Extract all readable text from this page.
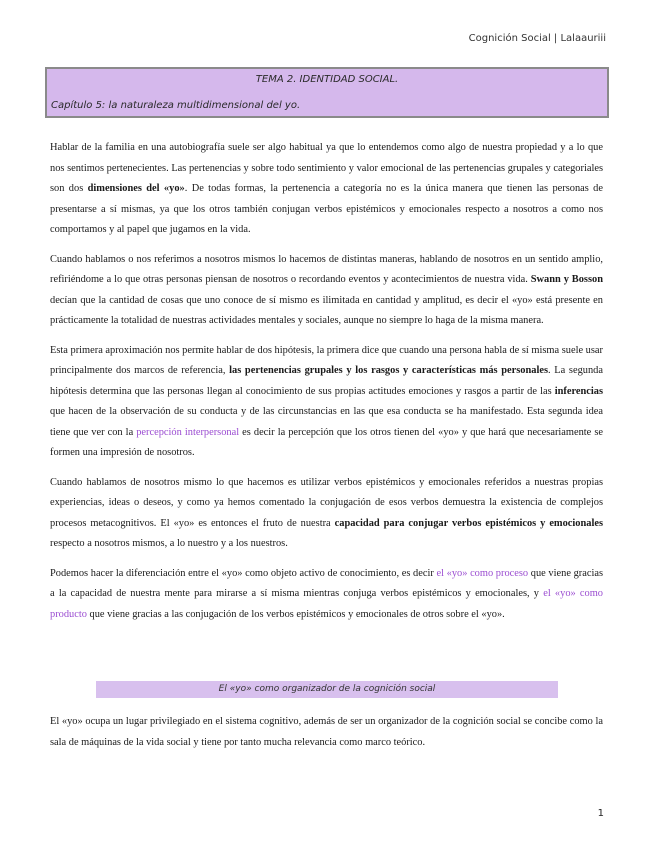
Cognición Social | Lalaauriii
TEMA 2. IDENTIDAD SOCIAL.
Capítulo 5: la naturaleza multidimensional del yo.

Hablar de la familia en una autobiografía suele ser algo habitual ya que lo entendemos como algo de nuestra propiedad y a lo que nos sentimos pertenecientes. Las pertenencias y sobre todo sentimiento y valor emocional de las pertenencias grupales y categoriales son dos dimensiones del «yo». De todas formas, la pertenencia a categoría no es la única manera que tienen las personas de presentarse a sí mismas, ya que los otros también conjugan verbos epistémicos y emocionales respecto a nosotros a como nos comportamos y al papel que jugamos en la vida.

Cuando hablamos o nos referimos a nosotros mismos lo hacemos de distintas maneras, hablando de nosotros en un sentido amplio, refiriéndome a lo que otras personas piensan de nosotros o recordando eventos y acontecimientos de nuestra vida. Swann y Bosson decían que la cantidad de cosas que uno conoce de sí mismo es ilimitada en cantidad y amplitud, es decir el «yo» está presente en prácticamente la totalidad de nuestras actividades mentales y sociales, aunque no siempre lo haga de la misma manera.

Esta primera aproximación nos permite hablar de dos hipótesis, la primera dice que cuando una persona habla de sí misma suele usar principalmente dos marcos de referencia, las pertenencias grupales y los rasgos y características más personales. La segunda hipótesis determina que las personas llegan al conocimiento de sus propias actitudes emociones y rasgos a partir de las inferencias que hacen de la observación de su conducta y de las circunstancias en las que esa conducta se ha manifestado. Esta segunda idea tiene que ver con la percepción interpersonal es decir la percepción que los otros tienen del «yo» y que hará que necesariamente se formen una impresión de nosotros.

Cuando hablamos de nosotros mismo lo que hacemos es utilizar verbos epistémicos y emocionales referidos a nuestras propias experiencias, ideas o deseos, y como ya hemos comentado la conjugación de esos verbos demuestra la existencia de complejos procesos metacognitivos. El «yo» es entonces el fruto de nuestra capacidad para conjugar verbos epistémicos y emocionales respecto a nosotros mismos, a lo nuestro y a los nuestros.

Podemos hacer la diferenciación entre el «yo» como objeto activo de conocimiento, es decir el «yo» como proceso que viene gracias a la capacidad de nuestra mente para mirarse a sí misma mientras conjuga verbos epistémicos y emocionales, y el «yo» como producto que viene gracias a las conjugación de los verbos epistémicos y emocionales de otros sobre el «yo».

El «yo» como organizador de la cognición social

El «yo» ocupa un lugar privilegiado en el sistema cognitivo, además de ser un organizador de la cognición social se concibe como la sala de máquinas de la vida social y tiene por tanto mucha relevancia como marco teórico.

1
